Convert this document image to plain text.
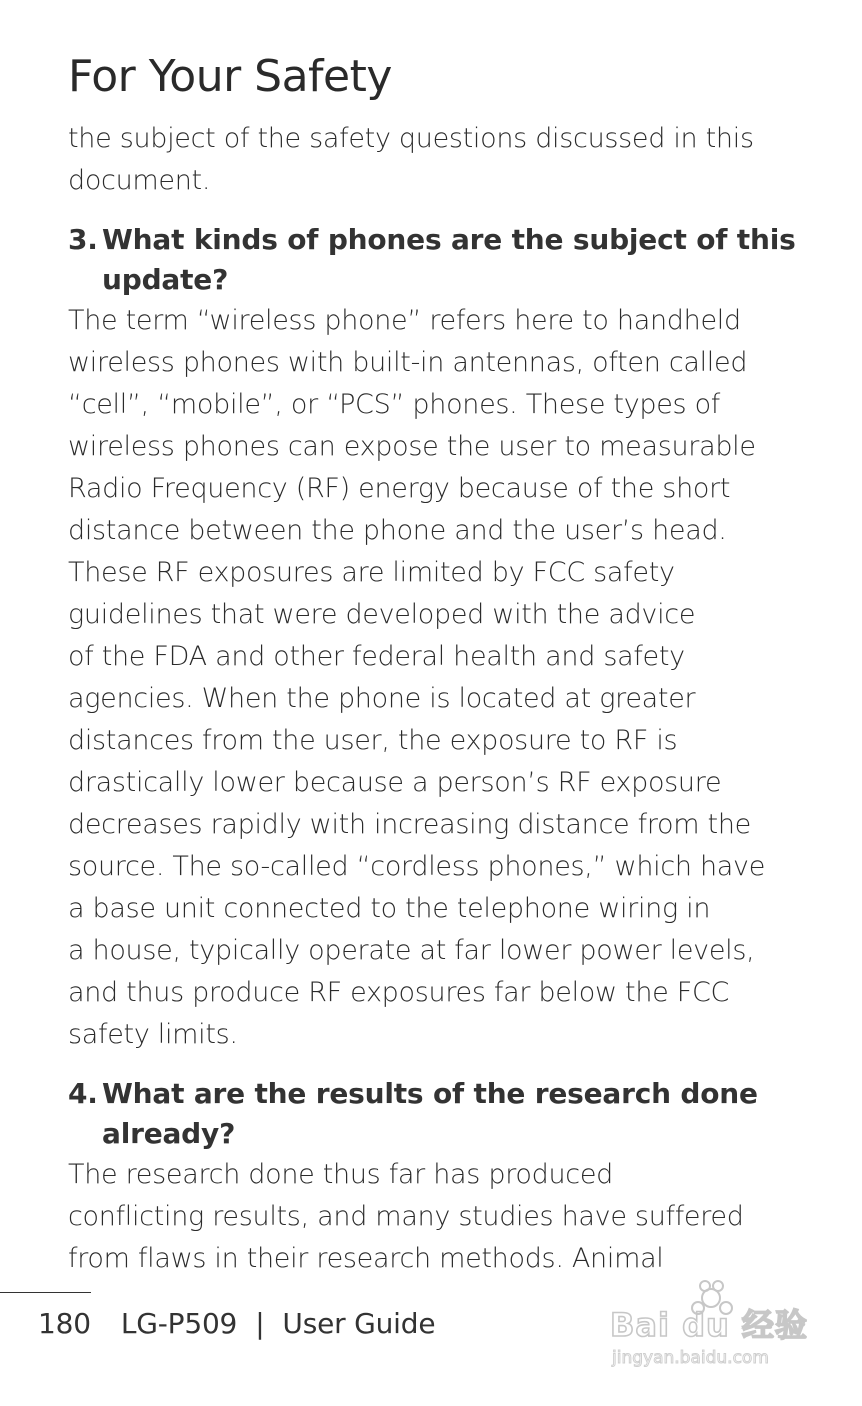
For Your Safety

the subject of the safety questions discussed in this
document.

3. What kinds of phones are the subject of this
update?

The term “wireless phone” refers here to handheld
wireless phones with built-in antennas, often called
“cell”, “mobile”, or “PCS” phones. These types of
wireless phones can expose the user to measurable
Radio Frequency (RF) energy because of the short
distance between the phone and the user’s head.
These RF exposures are limited by FCC safety
guidelines that were developed with the advice
of the FDA and other federal health and safety
agencies. When the phone is located at greater
distances from the user, the exposure to RF is
drastically lower because a person’s RF exposure
decreases rapidly with increasing distance from the
source. The so-called “cordless phones,” which have
a base unit connected to the telephone wiring in
a house, typically operate at far lower power levels,
and thus produce RF exposures far below the FCC
safety limits.

4. What are the results of the research done
already?

The research done thus far has produced
conflicting results, and many studies have suffered
from flaws in their research methods. Animal

180 LG-P509 | User Guide	Bai du 经验
jingyan.baidu.com
